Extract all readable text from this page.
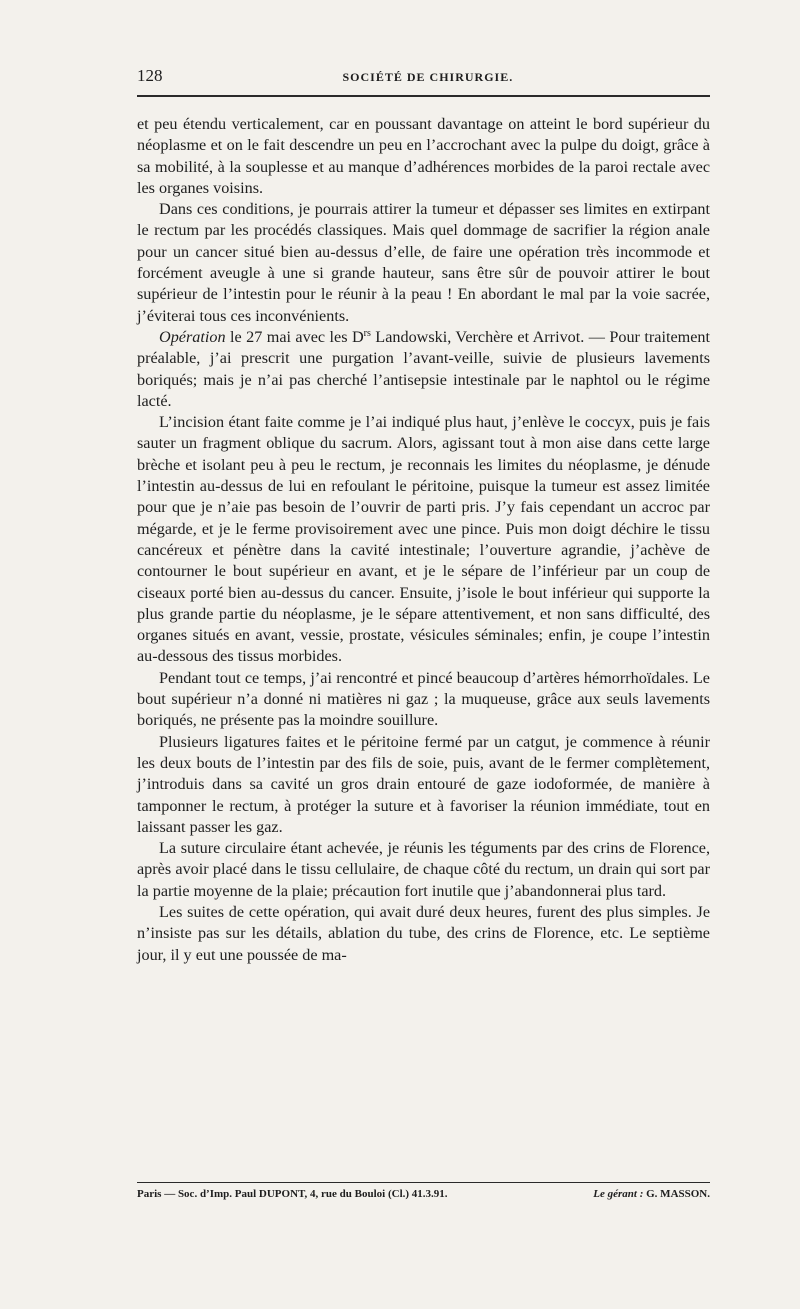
128	SOCIÉTÉ DE CHIRURGIE.

et peu étendu verticalement, car en poussant davantage on atteint le bord supérieur du néoplasme et on le fait descendre un peu en l’accrochant avec la pulpe du doigt, grâce à sa mobilité, à la souplesse et au manque d’adhérences morbides de la paroi rectale avec les organes voisins.

Dans ces conditions, je pourrais attirer la tumeur et dépasser ses limites en extirpant le rectum par les procédés classiques. Mais quel dommage de sacrifier la région anale pour un cancer situé bien au-dessus d’elle, de faire une opération très incommode et forcément aveugle à une si grande hauteur, sans être sûr de pouvoir attirer le bout supérieur de l’intestin pour le réunir à la peau ! En abordant le mal par la voie sacrée, j’éviterai tous ces inconvénients.

Opération le 27 mai avec les $D^{rs}$ Landowski, Verchère et Arrivot. — Pour traitement préalable, j’ai prescrit une purgation l’avant-veille, suivie de plusieurs lavements boriqués; mais je n’ai pas cherché l’antisepsie intestinale par le naphtol ou le régime lacté.

L’incision étant faite comme je l’ai indiqué plus haut, j’enlève le coccyx, puis je fais sauter un fragment oblique du sacrum. Alors, agissant tout à mon aise dans cette large brèche et isolant peu à peu le rectum, je reconnais les limites du néoplasme, je dénude l’intestin au-dessus de lui en refoulant le péritoine, puisque la tumeur est assez limitée pour que je n’aie pas besoin de l’ouvrir de parti pris. J’y fais cependant un accroc par mégarde, et je le ferme provisoirement avec une pince. Puis mon doigt déchire le tissu cancéreux et pénètre dans la cavité intestinale; l’ouverture agrandie, j’achève de contourner le bout supérieur en avant, et je le sépare de l’inférieur par un coup de ciseaux porté bien au-dessus du cancer. Ensuite, j’isole le bout inférieur qui supporte la plus grande partie du néoplasme, je le sépare attentivement, et non sans difficulté, des organes situés en avant, vessie, prostate, vésicules séminales; enfin, je coupe l’intestin au-dessous des tissus morbides.

Pendant tout ce temps, j’ai rencontré et pincé beaucoup d’artères hémorrhoïdales. Le bout supérieur n’a donné ni matières ni gaz ; la muqueuse, grâce aux seuls lavements boriqués, ne présente pas la moindre souillure.

Plusieurs ligatures faites et le péritoine fermé par un catgut, je commence à réunir les deux bouts de l’intestin par des fils de soie, puis, avant de le fermer complètement, j’introduis dans sa cavité un gros drain entouré de gaze iodoformée, de manière à tamponner le rectum, à protéger la suture et à favoriser la réunion immédiate, tout en laissant passer les gaz.

La suture circulaire étant achevée, je réunis les téguments par des crins de Florence, après avoir placé dans le tissu cellulaire, de chaque côté du rectum, un drain qui sort par la partie moyenne de la plaie; précaution fort inutile que j’abandonnerai plus tard.

Les suites de cette opération, qui avait duré deux heures, furent des plus simples. Je n’insiste pas sur les détails, ablation du tube, des crins de Florence, etc. Le septième jour, il y eut une poussée de ma-

Paris — Soc. d’Imp. Paul DUPONT, 4, rue du Bouloi (Cl.) 41.3.91.	Le gérant : G. MASSON.
